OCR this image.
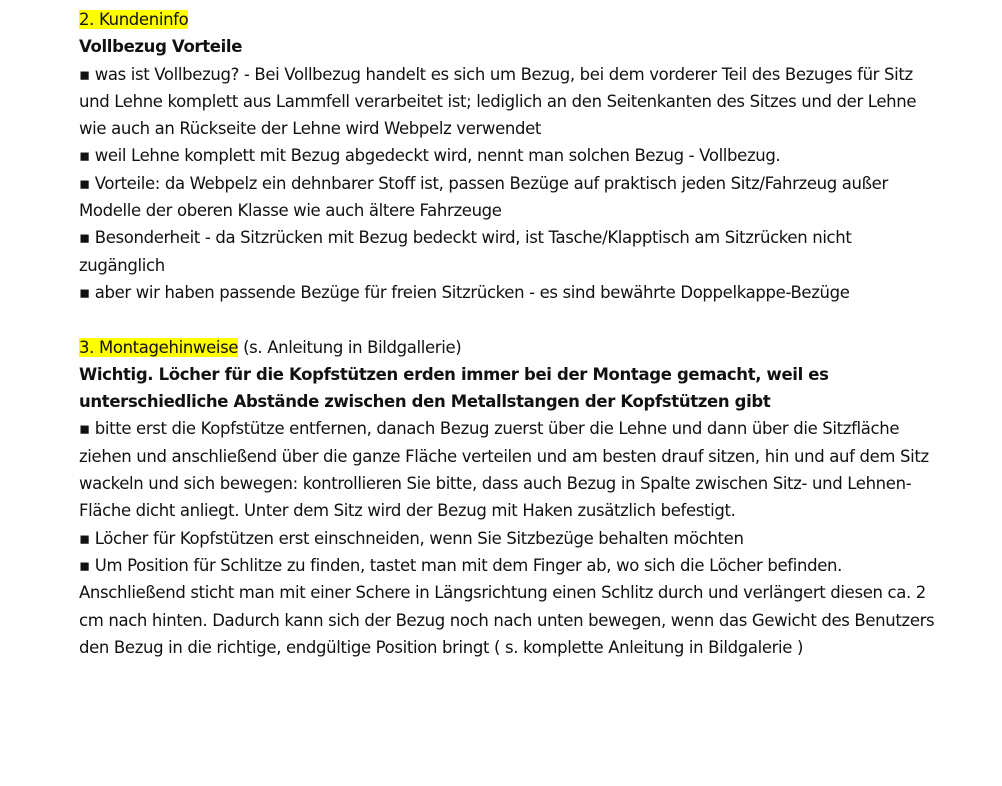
2. Kundeninfo
Vollbezug Vorteile
▪ was ist Vollbezug? - Bei Vollbezug handelt es sich um Bezug, bei dem vorderer Teil des Bezuges für Sitz und Lehne komplett aus Lammfell verarbeitet ist; lediglich an den Seitenkanten des Sitzes und der Lehne wie auch an Rückseite der Lehne wird Webpelz verwendet
▪ weil Lehne komplett mit Bezug abgedeckt wird, nennt man solchen Bezug - Vollbezug.
▪ Vorteile: da Webpelz ein dehnbarer Stoff ist, passen Bezüge auf praktisch jeden Sitz/Fahrzeug außer Modelle der oberen Klasse wie auch ältere Fahrzeuge
▪ Besonderheit - da Sitzrücken mit Bezug bedeckt wird, ist Tasche/Klapptisch am Sitzrücken nicht zugänglich
▪ aber wir haben passende Bezüge für freien Sitzrücken - es sind bewährte Doppelkappe-Bezüge
3. Montagehinweise (s. Anleitung in Bildgallerie)
Wichtig. Löcher für die Kopfstützen erden immer bei der Montage gemacht, weil es unterschiedliche Abstände zwischen den Metallstangen der Kopfstützen gibt
▪ bitte erst die Kopfstütze entfernen, danach Bezug zuerst über die Lehne und dann über die Sitzfläche ziehen und anschließend über die ganze Fläche verteilen und am besten drauf sitzen, hin und auf dem Sitz wackeln und sich bewegen: kontrollieren Sie bitte, dass auch Bezug in Spalte zwischen Sitz- und Lehnen-Fläche dicht anliegt. Unter dem Sitz wird der Bezug mit Haken zusätzlich befestigt.
▪ Löcher für Kopfstützen erst einschneiden, wenn Sie Sitzbezüge behalten möchten
▪ Um Position für Schlitze zu finden, tastet man mit dem Finger ab, wo sich die Löcher befinden. Anschließend sticht man mit einer Schere in Längsrichtung einen Schlitz durch und verlängert diesen ca. 2 cm nach hinten. Dadurch kann sich der Bezug noch nach unten bewegen, wenn das Gewicht des Benutzers den Bezug in die richtige, endgültige Position bringt ( s. komplette Anleitung in Bildgalerie )
